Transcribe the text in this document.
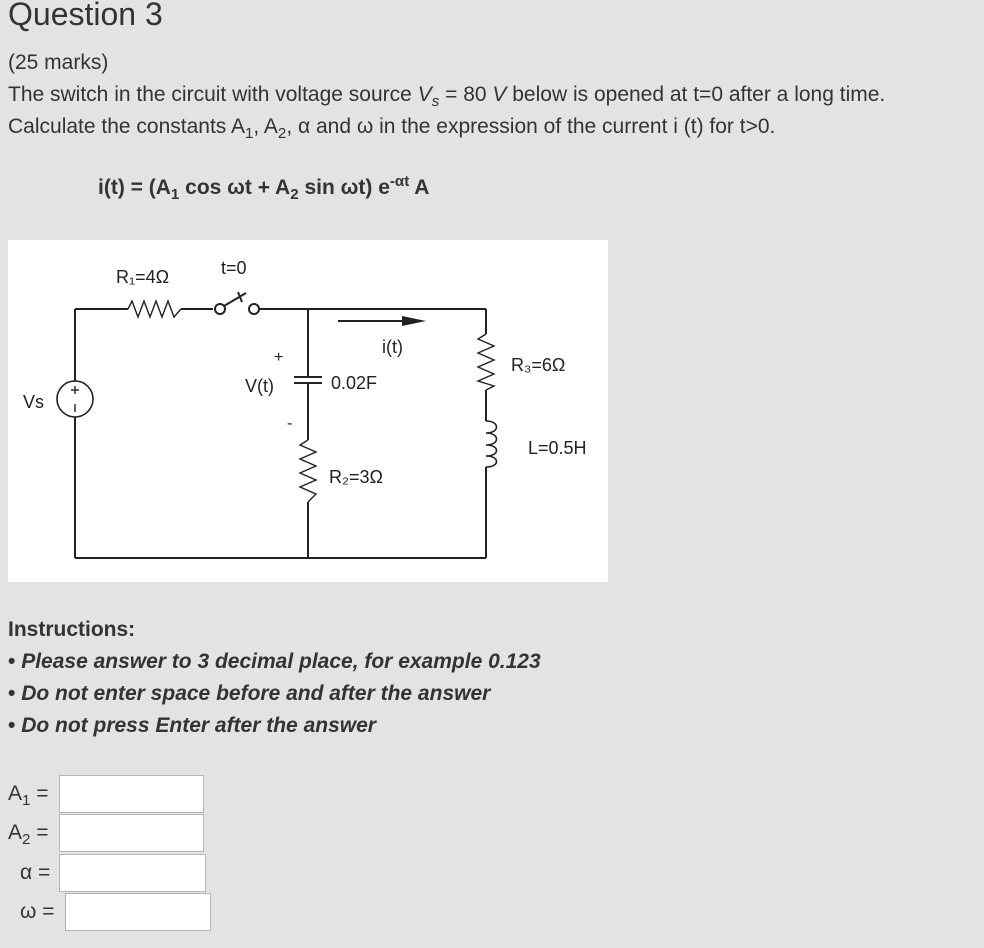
Question 3
(25 marks)
The switch in the circuit with voltage source $V_s = 80$ V below is opened at t=0 after a long time.
Calculate the constants $A_1$, $A_2$, α and ω in the expression of the current i (t) for t>0.
$i(t) = (A_1$ $\cos \omega t + A_2$ sin ωt) $e^{-\alpha t}$ A
R₁=4Ω	t=0
Vs
+
V(t)
-
0.02F
i(t)
R₂=3Ω
R₃=6Ω
L=0.5H
Instructions:
• Please answer to 3 decimal place, for example 0.123
• Do not enter space before and after the answer
• Do not press Enter after the answer
$A_1$ =
$A_2$ =
α =
ω =
